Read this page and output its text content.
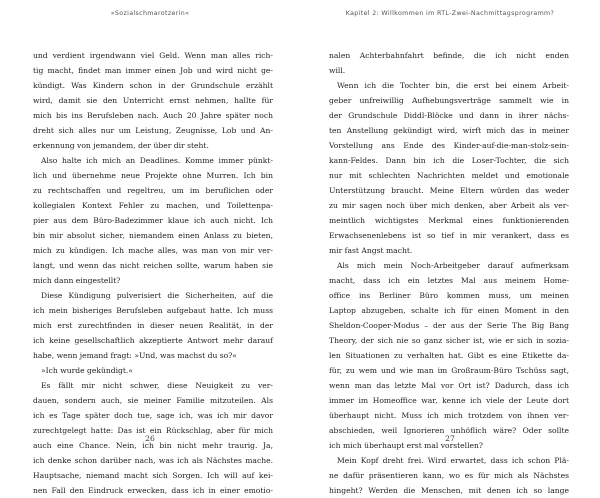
»Sozialschmarotzerin«
und verdient irgendwann viel Geld. Wenn man alles rich-
tig macht, findet man immer einen Job und wird nicht ge-
kündigt. Was Kindern schon in der Grundschule erzählt
wird, damit sie den Unterricht ernst nehmen, hallte für
mich bis ins Berufsleben nach. Auch 20 Jahre später noch
dreht sich alles nur um Leistung, Zeugnisse, Lob und An-
erkennung von jemandem, der über dir steht.
Also halte ich mich an Deadlines. Komme immer pünkt-
lich und übernehme neue Projekte ohne Murren. Ich bin
zu rechtschaffen und regeltreu, um im beruflichen oder
kollegialen Kontext Fehler zu machen, und Toilettenpa-
pier aus dem Büro-Badezimmer klaue ich auch nicht. Ich
bin mir absolut sicher, niemandem einen Anlass zu bieten,
mich zu kündigen. Ich mache alles, was man von mir ver-
langt, und wenn das nicht reichen sollte, warum haben sie
mich dann eingestellt?
Diese Kündigung pulverisiert die Sicherheiten, auf die
ich mein bisheriges Berufsleben aufgebaut hatte. Ich muss
mich erst zurechtfinden in dieser neuen Realität, in der
ich keine gesellschaftlich akzeptierte Antwort mehr darauf
habe, wenn jemand fragt: »Und, was machst du so?«
»Ich wurde gekündigt.«
Es fällt mir nicht schwer, diese Neuigkeit zu ver-
dauen, sondern auch, sie meiner Familie mitzuteilen. Als
ich es Tage später doch tue, sage ich, was ich mir davor
zurechtgelegt hatte: Das ist ein Rückschlag, aber für mich
auch eine Chance. Nein, ich bin nicht mehr traurig. Ja,
ich denke schon darüber nach, was ich als Nächstes mache.
Hauptsache, niemand macht sich Sorgen. Ich will auf kei-
nen Fall den Eindruck erwecken, dass ich in einer emotio-
26
Kapitel 2: Willkommen im RTL-Zwei-Nachmittagsprogramm?
nalen Achterbahnfahrt befinde, die ich nicht enden
will.
Wenn ich die Tochter bin, die erst bei einem Arbeit-
geber unfreiwillig Aufhebungsverträge sammelt wie in
der Grundschule Diddl-Blöcke und dann in ihrer nächs-
ten Anstellung gekündigt wird, wirft mich das in meiner
Vorstellung ans Ende des Kinder-auf-die-man-stolz-sein-
kann-Feldes. Dann bin ich die Loser-Tochter, die sich
nur mit schlechten Nachrichten meldet und emotionale
Unterstützung braucht. Meine Eltern würden das weder
zu mir sagen noch über mich denken, aber Arbeit als ver-
meintlich wichtigstes Merkmal eines funktionierenden
Erwachsenenlebens ist so tief in mir verankert, dass es
mir fast Angst macht.
Als mich mein Noch-Arbeitgeber darauf aufmerksam
macht, dass ich ein letztes Mal aus meinem Home-
office ins Berliner Büro kommen muss, um meinen
Laptop abzugeben, schalte ich für einen Moment in den
Sheldon-Cooper-Modus – der aus der Serie The Big Bang
Theory, der sich nie so ganz sicher ist, wie er sich in sozia-
len Situationen zu verhalten hat. Gibt es eine Etikette da-
für, zu wem und wie man im Großraum-Büro Tschüss sagt,
wenn man das letzte Mal vor Ort ist? Dadurch, dass ich
immer im Homeoffice war, kenne ich viele der Leute dort
überhaupt nicht. Muss ich mich trotzdem von ihnen ver-
abschieden, weil Ignorieren unhöflich wäre? Oder sollte
ich mich überhaupt erst mal vorstellen?
Mein Kopf dreht frei. Wird erwartet, dass ich schon Plä-
ne dafür präsentieren kann, wo es für mich als Nächstes
hingeht? Werden die Menschen, mit denen ich so lange
27
